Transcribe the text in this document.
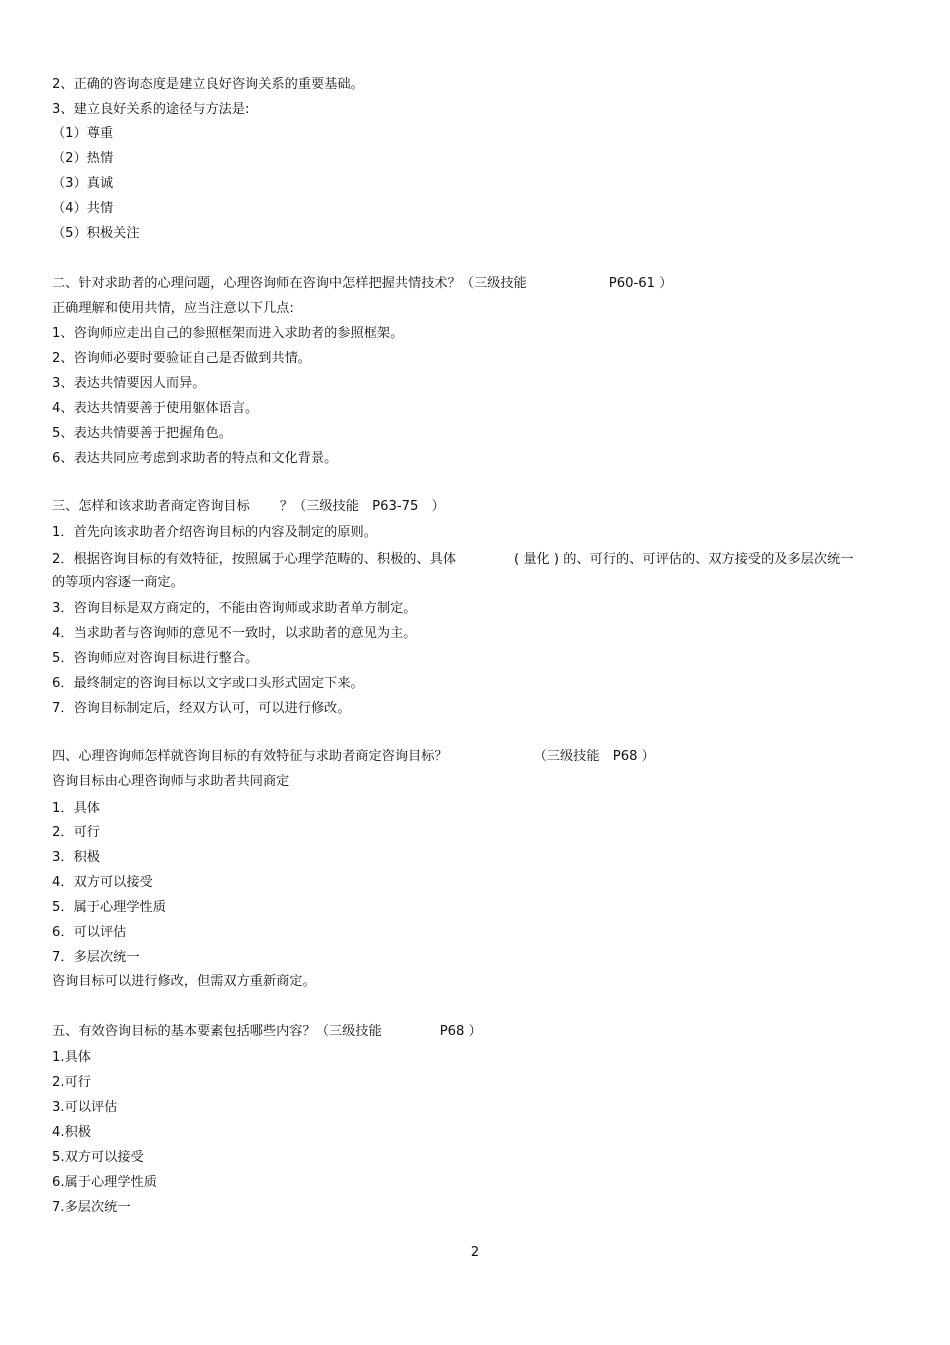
2、正确的咨询态度是建立良好咨询关系的重要基础。

3、建立良好关系的途径与方法是:

（1）尊重

（2）热情

（3）真诚

（4）共情

（5）积极关注

二、针对求助者的心理问题，心理咨询师在咨询中怎样把握共情技术？（三级技能	P60-61 ）

正确理解和使用共情，应当注意以下几点:

1、咨询师应走出自己的参照框架而进入求助者的参照框架。

2、咨询师必要时要验证自己是否做到共情。

3、表达共情要因人而异。

4、表达共情要善于使用躯体语言。

5、表达共情要善于把握角色。

6、表达共同应考虑到求助者的特点和文化背景。

三、怎样和该求助者商定咨询目标 ？（三级技能　P63-75　）

1．首先向该求助者介绍咨询目标的内容及制定的原则。

2．根据咨询目标的有效特征，按照属于心理学范畴的、积极的、具体	( 量化 ) 的、可行的、可评估的、双方接受的及多层次统一的等项内容逐一商定。

3．咨询目标是双方商定的，不能由咨询师或求助者单方制定。

4．当求助者与咨询师的意见不一致时，以求助者的意见为主。

5．咨询师应对咨询目标进行整合。

6．最终制定的咨询目标以文字或口头形式固定下来。

7．咨询目标制定后，经双方认可，可以进行修改。

四、心理咨询师怎样就咨询目标的有效特征与求助者商定咨询目标？	（三级技能　P68 ）

咨询目标由心理咨询师与求助者共同商定

1．具体

2．可行

3．积极

4．双方可以接受

5．属于心理学性质

6．可以评估

7．多层次统一

咨询目标可以进行修改，但需双方重新商定。

五、有效咨询目标的基本要素包括哪些内容？（三级技能	P68 ）

1.具体

2.可行

3.可以评估

4.积极

5.双方可以接受

6.属于心理学性质

7.多层次统一

2
